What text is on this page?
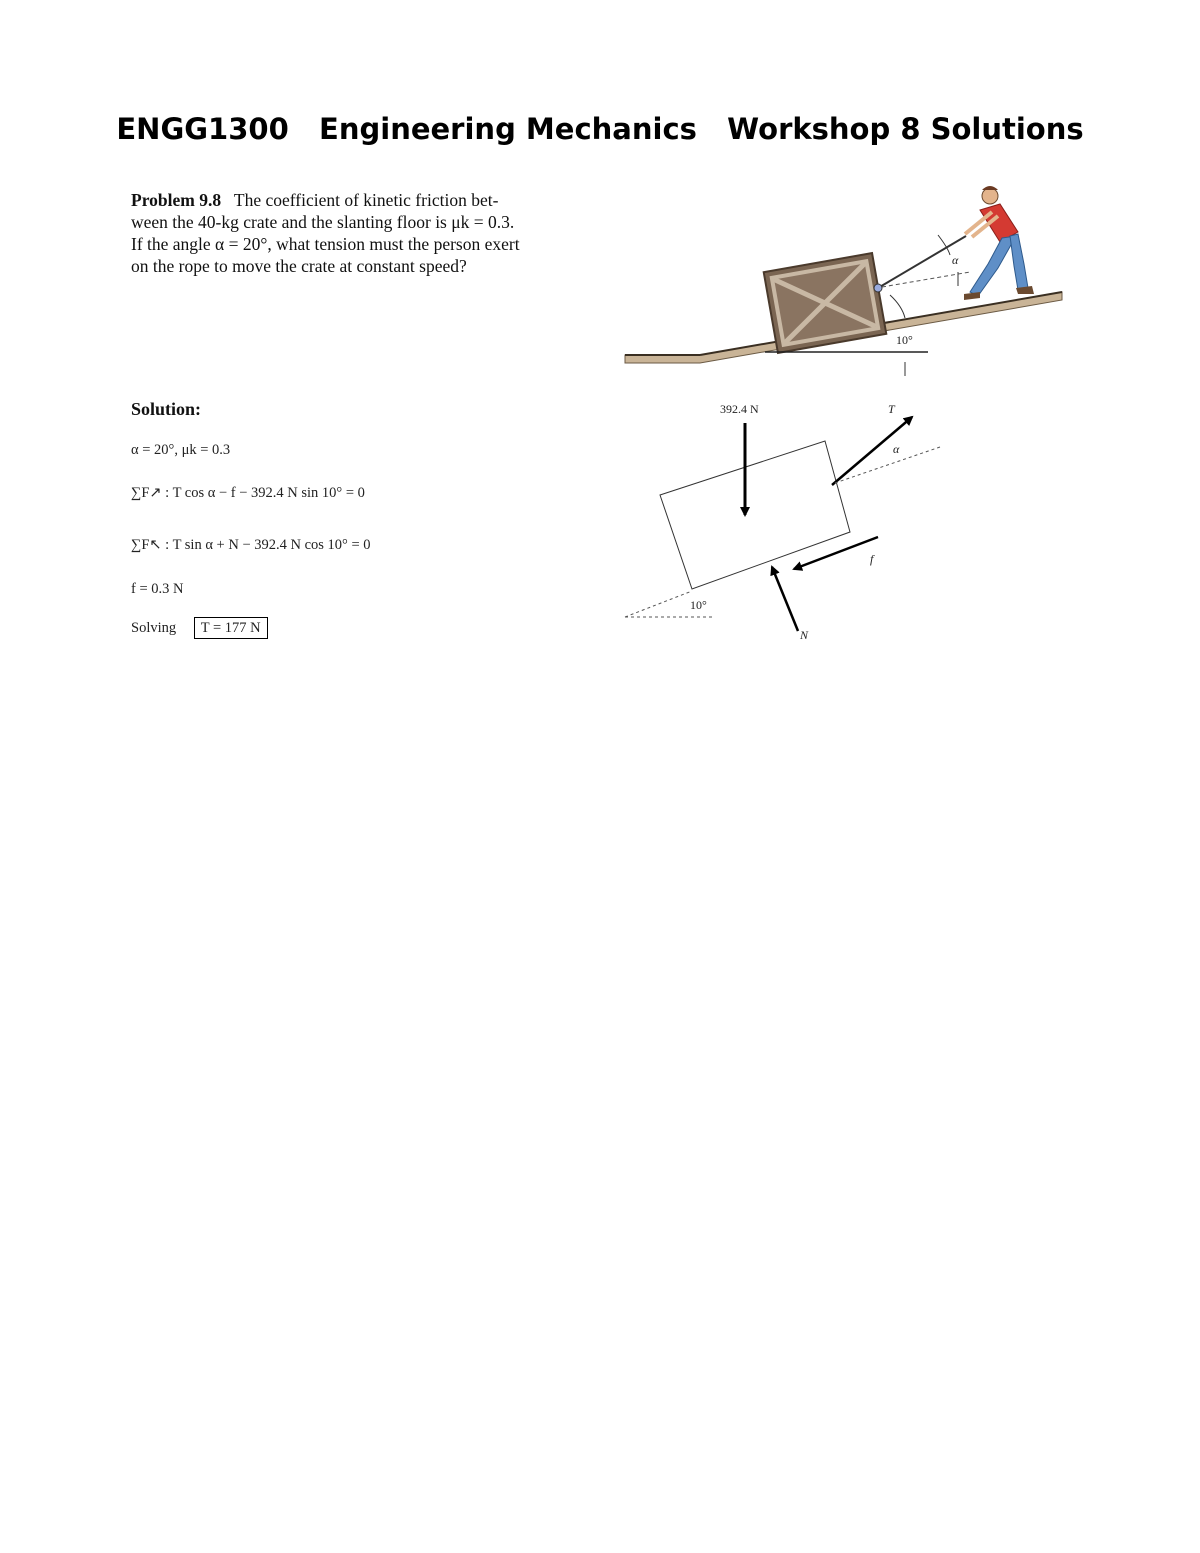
ENGG1300   Engineering Mechanics   Workshop 8 Solutions
Problem 9.8 The coefficient of kinetic friction bet-
ween the 40-kg crate and the slanting floor is μk = 0.3.
If the angle α = 20°, what tension must the person exert
on the rope to move the crate at constant speed?
Solution:
α = 20°, μk = 0.3
∑F↗ : T cos α − f − 392.4 N sin 10° = 0
∑F↖ : T sin α + N − 392.4 N cos 10° = 0
f = 0.3 N
Solving T = 177 N
α
10°
392.4 N	T
α
f
N
10°
